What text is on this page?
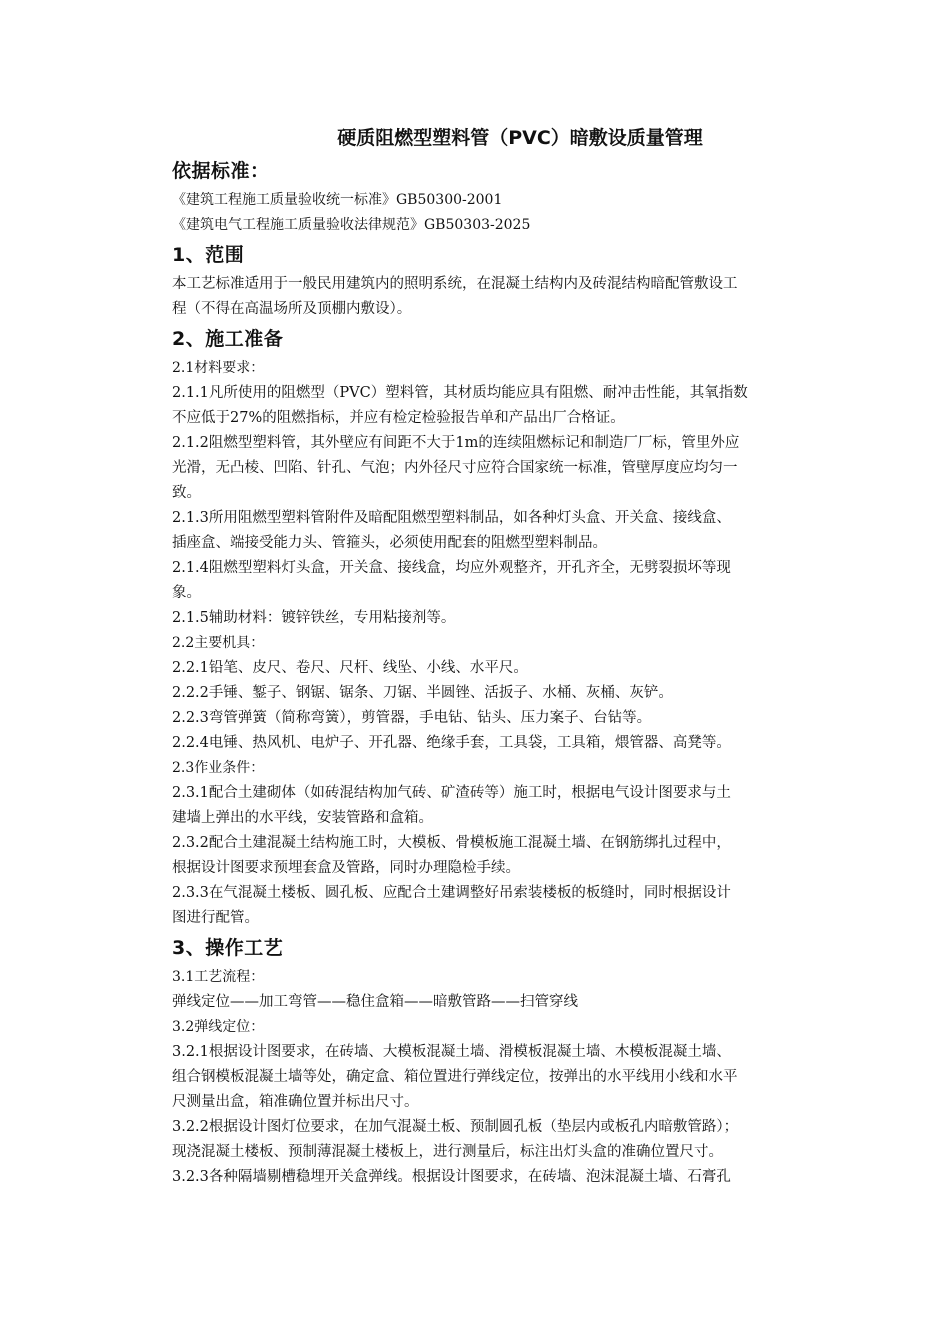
硬质阻燃型塑料管（PVC）暗敷设质量管理
依据标准：
《建筑工程施工质量验收统一标准》GB50300-2001
《建筑电气工程施工质量验收法律规范》GB50303-2025
1、范围
本工艺标准适用于一般民用建筑内的照明系统，在混凝土结构内及砖混结构暗配管敷设工
程（不得在高温场所及顶棚内敷设）。
2、施工准备
2.1材料要求：
2.1.1凡所使用的阻燃型（PVC）塑料管，其材质均能应具有阻燃、耐冲击性能，其氧指数
不应低于27%的阻燃指标，并应有检定检验报告单和产品出厂合格证。
2.1.2阻燃型塑料管，其外壁应有间距不大于1m的连续阻燃标记和制造厂厂标，管里外应
光滑，无凸棱、凹陷、针孔、气泡；内外径尺寸应符合国家统一标准，管壁厚度应均匀一
致。
2.1.3所用阻燃型塑料管附件及暗配阻燃型塑料制品，如各种灯头盒、开关盒、接线盒、
插座盒、端接受能力头、管箍头，必须使用配套的阻燃型塑料制品。
2.1.4阻燃型塑料灯头盒，开关盒、接线盒，均应外观整齐，开孔齐全，无劈裂损坏等现
象。
2.1.5辅助材料：镀锌铁丝，专用粘接剂等。
2.2主要机具：
2.2.1铅笔、皮尺、卷尺、尺杆、线坠、小线、水平尺。
2.2.2手锤、錾子、钢锯、锯条、刀锯、半圆锉、活扳子、水桶、灰桶、灰铲。
2.2.3弯管弹簧（简称弯簧），剪管器，手电钻、钻头、压力案子、台钻等。
2.2.4电锤、热风机、电炉子、开孔器、绝缘手套，工具袋，工具箱，煨管器、高凳等。
2.3作业条件：
2.3.1配合土建砌体（如砖混结构加气砖、矿渣砖等）施工时，根据电气设计图要求与土
建墙上弹出的水平线，安装管路和盒箱。
2.3.2配合土建混凝土结构施工时，大模板、骨模板施工混凝土墙、在钢筋绑扎过程中，
根据设计图要求预埋套盒及管路，同时办理隐检手续。
2.3.3在气混凝土楼板、圆孔板、应配合土建调整好吊索装楼板的板缝时，同时根据设计
图进行配管。
3、操作工艺
3.1工艺流程：
弹线定位——加工弯管——稳住盒箱——暗敷管路——扫管穿线
3.2弹线定位：
3.2.1根据设计图要求，在砖墙、大模板混凝土墙、滑模板混凝土墙、木模板混凝土墙、
组合钢模板混凝土墙等处，确定盒、箱位置进行弹线定位，按弹出的水平线用小线和水平
尺测量出盒，箱准确位置并标出尺寸。
3.2.2根据设计图灯位要求，在加气混凝土板、预制圆孔板（垫层内或板孔内暗敷管路）；
现浇混凝土楼板、预制薄混凝土楼板上，进行测量后，标注出灯头盒的准确位置尺寸。
3.2.3各种隔墙剔槽稳埋开关盒弹线。根据设计图要求，在砖墙、泡沫混凝土墙、石膏孔
